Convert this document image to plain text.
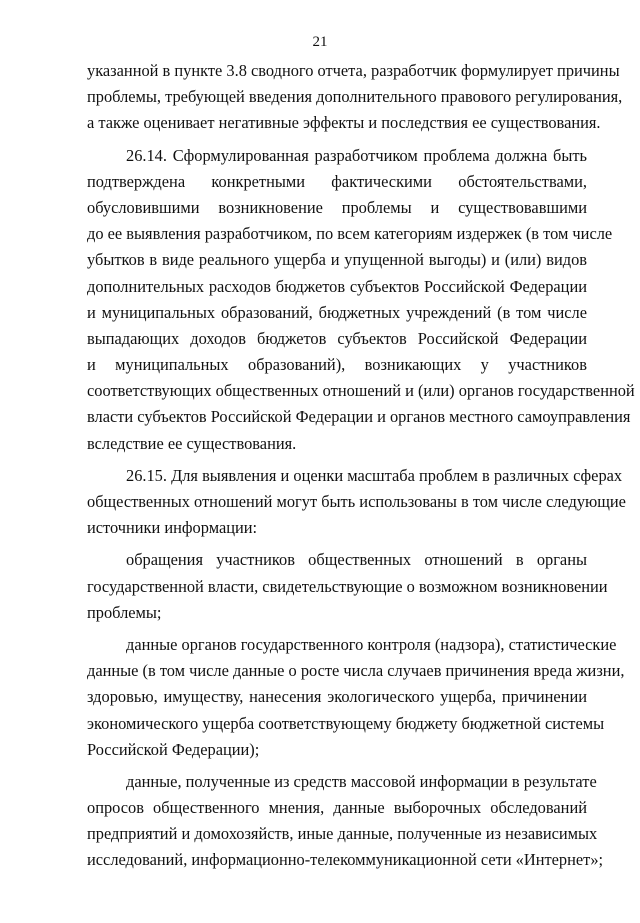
21
указанной в пункте 3.8 сводного отчета, разработчик формулирует причины
проблемы, требующей введения дополнительного правового регулирования,
а также оценивает негативные эффекты и последствия ее существования.
26.14. Сформулированная разработчиком проблема должна быть
подтверждена конкретными фактическими обстоятельствами,
обусловившими возникновение проблемы и существовавшими
до ее выявления разработчиком, по всем категориям издержек (в том числе
убытков в виде реального ущерба и упущенной выгоды) и (или) видов
дополнительных расходов бюджетов субъектов Российской Федерации
и муниципальных образований, бюджетных учреждений (в том числе
выпадающих доходов бюджетов субъектов Российской Федерации
и муниципальных образований), возникающих у участников
соответствующих общественных отношений и (или) органов государственной
власти субъектов Российской Федерации и органов местного самоуправления
вследствие ее существования.
26.15. Для выявления и оценки масштаба проблем в различных сферах
общественных отношений могут быть использованы в том числе следующие
источники информации:
обращения участников общественных отношений в органы
государственной власти, свидетельствующие о возможном возникновении
проблемы;
данные органов государственного контроля (надзора), статистические
данные (в том числе данные о росте числа случаев причинения вреда жизни,
здоровью, имуществу, нанесения экологического ущерба, причинении
экономического ущерба соответствующему бюджету бюджетной системы
Российской Федерации);
данные, полученные из средств массовой информации в результате
опросов общественного мнения, данные выборочных обследований
предприятий и домохозяйств, иные данные, полученные из независимых
исследований, информационно-телекоммуникационной сети «Интернет»;
